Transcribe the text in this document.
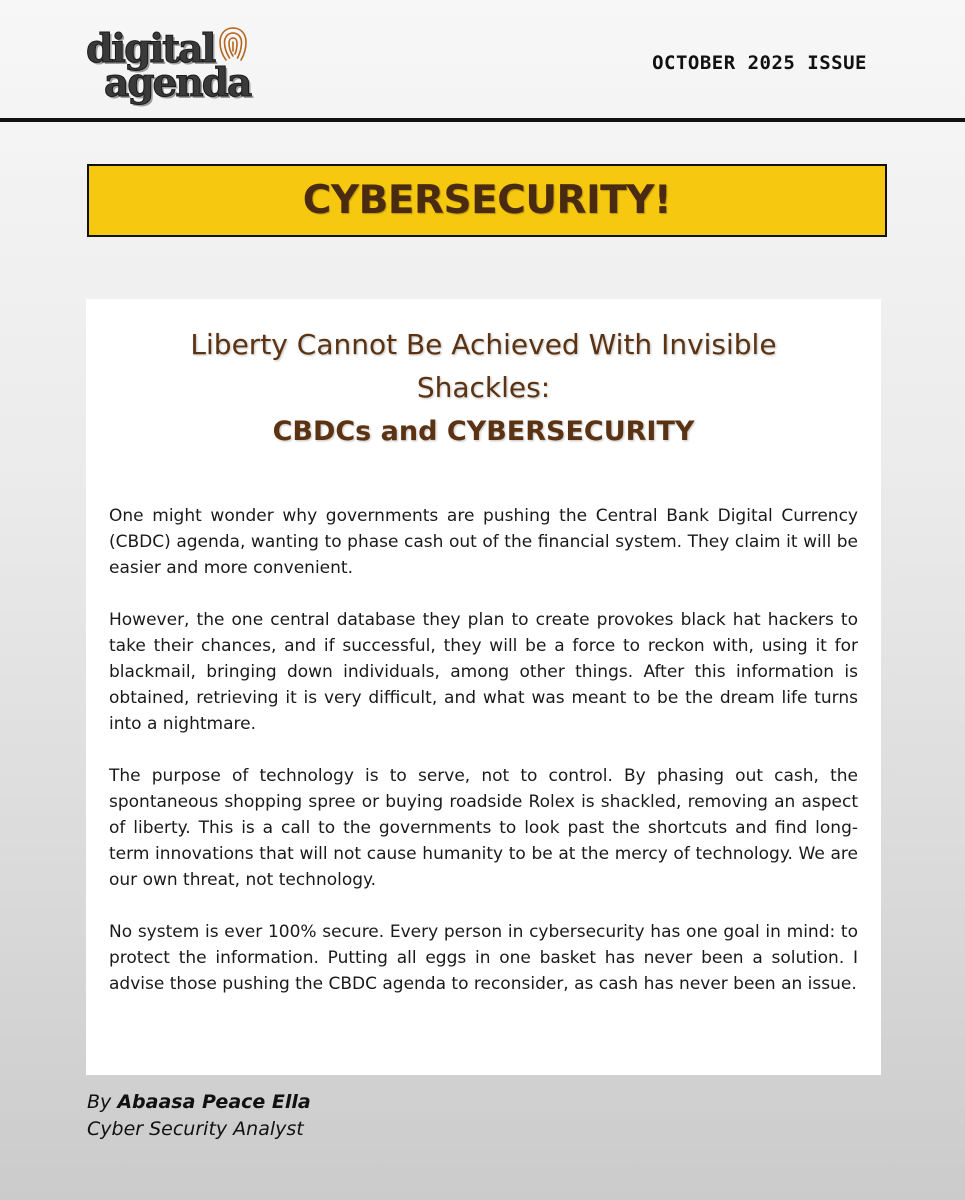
digital
agenda	OCTOBER 2025 ISSUE
CYBERSECURITY!
Liberty Cannot Be Achieved With Invisible Shackles:
CBDCs and CYBERSECURITY

One might wonder why governments are pushing the Central Bank Digital Currency (CBDC) agenda, wanting to phase cash out of the financial system. They claim it will be easier and more convenient.

However, the one central database they plan to create provokes black hat hackers to take their chances, and if successful, they will be a force to reckon with, using it for blackmail, bringing down individuals, among other things. After this information is obtained, retrieving it is very difficult, and what was meant to be the dream life turns into a nightmare.

The purpose of technology is to serve, not to control. By phasing out cash, the spontaneous shopping spree or buying roadside Rolex is shackled, removing an aspect of liberty. This is a call to the governments to look past the shortcuts and find long-term innovations that will not cause humanity to be at the mercy of technology. We are our own threat, not technology.

No system is ever 100% secure. Every person in cybersecurity has one goal in mind: to protect the information. Putting all eggs in one basket has never been a solution. I advise those pushing the CBDC agenda to reconsider, as cash has never been an issue.

By Abaasa Peace Ella
Cyber Security Analyst
